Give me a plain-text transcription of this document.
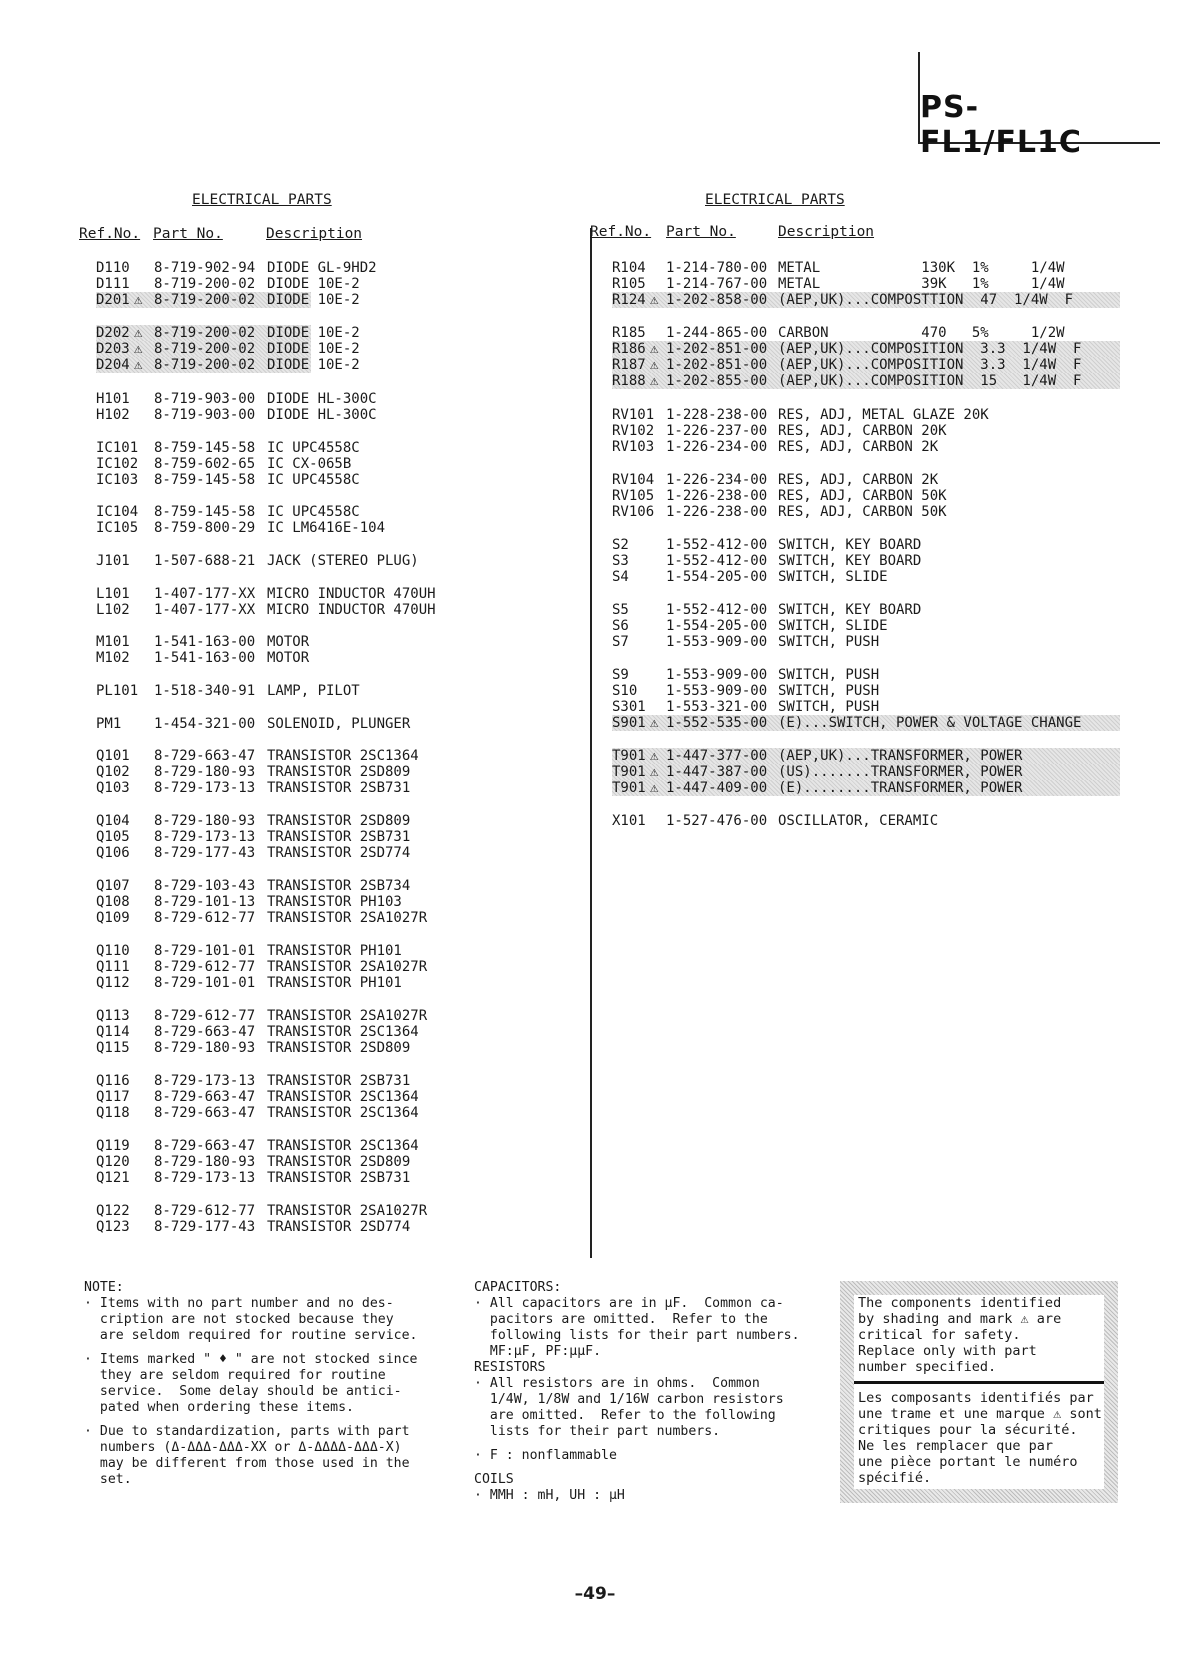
PS-FL1/FL1C
ELECTRICAL PARTS
Ref.No. Part No.	Description
D110 8-719-902-94 DIODE GL-9HD2
D111 8-719-200-02 DIODE 10E-2
D201 ⚠ 8-719-200-02 DIODE 10E-2
D202 ⚠ 8-719-200-02 DIODE 10E-2
D203 ⚠ 8-719-200-02 DIODE 10E-2
D204 ⚠ 8-719-200-02 DIODE 10E-2
H101 8-719-903-00 DIODE HL-300C
H102 8-719-903-00 DIODE HL-300C
IC101 8-759-145-58 IC UPC4558C
IC102 8-759-602-65 IC CX-065B
IC103 8-759-145-58 IC UPC4558C
IC104 8-759-145-58 IC UPC4558C
IC105 8-759-800-29 IC LM6416E-104
J101 1-507-688-21 JACK (STEREO PLUG)
L101 1-407-177-XX MICRO INDUCTOR 470UH
L102 1-407-177-XX MICRO INDUCTOR 470UH
M101 1-541-163-00 MOTOR
M102 1-541-163-00 MOTOR
PL101 1-518-340-91 LAMP, PILOT
PM1 1-454-321-00 SOLENOID, PLUNGER
Q101 8-729-663-47 TRANSISTOR 2SC1364
Q102 8-729-180-93 TRANSISTOR 2SD809
Q103 8-729-173-13 TRANSISTOR 2SB731
Q104 8-729-180-93 TRANSISTOR 2SD809
Q105 8-729-173-13 TRANSISTOR 2SB731
Q106 8-729-177-43 TRANSISTOR 2SD774
Q107 8-729-103-43 TRANSISTOR 2SB734
Q108 8-729-101-13 TRANSISTOR PH103
Q109 8-729-612-77 TRANSISTOR 2SA1027R
Q110 8-729-101-01 TRANSISTOR PH101
Q111 8-729-612-77 TRANSISTOR 2SA1027R
Q112 8-729-101-01 TRANSISTOR PH101
Q113 8-729-612-77 TRANSISTOR 2SA1027R
Q114 8-729-663-47 TRANSISTOR 2SC1364
Q115 8-729-180-93 TRANSISTOR 2SD809
Q116 8-729-173-13 TRANSISTOR 2SB731
Q117 8-729-663-47 TRANSISTOR 2SC1364
Q118 8-729-663-47 TRANSISTOR 2SC1364
Q119 8-729-663-47 TRANSISTOR 2SC1364
Q120 8-729-180-93 TRANSISTOR 2SD809
Q121 8-729-173-13 TRANSISTOR 2SB731
Q122 8-729-612-77 TRANSISTOR 2SA1027R
Q123 8-729-177-43 TRANSISTOR 2SD774
ELECTRICAL PARTS
Ref.No. Part No.	Description
R104 1-214-780-00 METAL            130K  1%     1/4W
R105 1-214-767-00 METAL            39K   1%     1/4W
R124 ⚠ 1-202-858-00 (AEP,UK)...COMPOSTTION  47  1/4W  F
R185 1-244-865-00 CARBON           470   5%     1/2W
R186 ⚠ 1-202-851-00 (AEP,UK)...COMPOSITION  3.3  1/4W  F
R187 ⚠ 1-202-851-00 (AEP,UK)...COMPOSITION  3.3  1/4W  F
R188 ⚠ 1-202-855-00 (AEP,UK)...COMPOSITION  15   1/4W  F
RV101 1-228-238-00 RES, ADJ, METAL GLAZE 20K
RV102 1-226-237-00 RES, ADJ, CARBON 20K
RV103 1-226-234-00 RES, ADJ, CARBON 2K
RV104 1-226-234-00 RES, ADJ, CARBON 2K
RV105 1-226-238-00 RES, ADJ, CARBON 50K
RV106 1-226-238-00 RES, ADJ, CARBON 50K
S2	1-552-412-00 SWITCH, KEY BOARD
S3	1-552-412-00 SWITCH, KEY BOARD
S4	1-554-205-00 SWITCH, SLIDE
S5	1-552-412-00 SWITCH, KEY BOARD
S6	1-554-205-00 SWITCH, SLIDE
S7	1-553-909-00 SWITCH, PUSH
S9	1-553-909-00 SWITCH, PUSH
S10 1-553-909-00 SWITCH, PUSH
S301 1-553-321-00 SWITCH, PUSH
S901 ⚠ 1-552-535-00 (E)...SWITCH, POWER & VOLTAGE CHANGE
T901 ⚠ 1-447-377-00 (AEP,UK)...TRANSFORMER, POWER
T901 ⚠ 1-447-387-00 (US).......TRANSFORMER, POWER
T901 ⚠ 1-447-409-00 (E)........TRANSFORMER, POWER
X101 1-527-476-00 OSCILLATOR, CERAMIC

NOTE:

· Items with no part number and no des-

cription are not stocked because they

are seldom required for routine service.

· Items marked " ♦ " are not stocked since

they are seldom required for routine

service.  Some delay should be antici-

pated when ordering these items.

· Due to standardization, parts with part

numbers (Δ-ΔΔΔ-ΔΔΔ-XX or Δ-ΔΔΔΔ-ΔΔΔ-X)

may be different from those used in the

set.

CAPACITORS:

· All capacitors are in µF.  Common ca-

pacitors are omitted.  Refer to the

following lists for their part numbers.

MF:µF, PF:µµF.

RESISTORS

· All resistors are in ohms.  Common

1/4W, 1/8W and 1/16W carbon resistors

are omitted.  Refer to the following

lists for their part numbers.

· F : nonflammable

COILS

· MMH : mH, UH : µH

The components identified

by shading and mark ⚠ are

critical for safety.

Replace only with part

number specified.

Les composants identifiés par

une trame et une marque ⚠ sont

critiques pour la sécurité.

Ne les remplacer que par

une pièce portant le numéro

spécifié.

–49–
